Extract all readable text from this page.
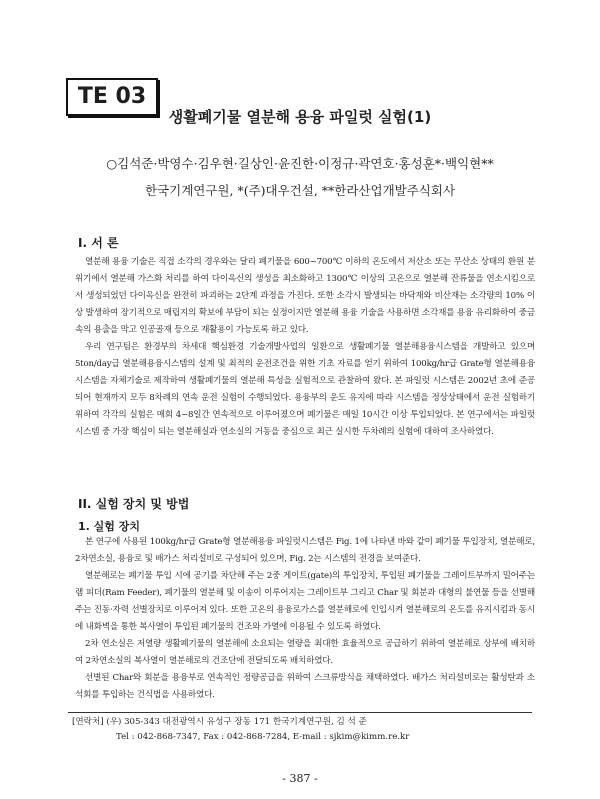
TE 03
생활폐기물 열분해 용융 파일럿 실험(1)
○김석준·박영수·김우현·길상인·윤진한·이정규·곽연호·홍성훈*·백익현**
한국기계연구원, *(주)대우건설, **한라산업개발주식회사
I. 서 론

열분해 용융 기술은 직접 소각의 경우와는 달리 폐기물을 600~700℃ 이하의 온도에서 저산소 또는 무산소 상태의 환원 분위기에서 열분해 가스화 처리를 하여 다이옥신의 생성을 최소화하고 1300℃ 이상의 고온으로 열분해 잔류물을 연소시킴으로서 생성되었던 다이옥신을 완전히 파괴하는 2단계 과정을 가진다. 또한 소각시 발생되는 바닥재와 비산재는 소각량의 10% 이상 발생하여 장기적으로 매립지의 확보에 부담이 되는 실정이지만 열분해 용융 기술을 사용하면 소각재를 용융 유리화하여 중금속의 용출을 막고 인공골재 등으로 재활용이 가능토록 하고 있다.

우리 연구팀은 환경부의 차세대 핵심환경 기술개발사업의 일환으로 생활폐기물 열분해용융시스템을 개발하고 있으며 5ton/day급 열분해용융시스템의 설계 및 최적의 운전조건을 위한 기초 자료를 얻기 위하여 100kg/hr급 Grate형 열분해용융시스템을 자체기술로 제작하여 생활폐기물의 열분해 특성을 실험적으로 관찰하여 왔다. 본 파일럿 시스템은 2002년 초에 준공되어 현재까지 모두 8차례의 연속 운전 실험이 수행되었다. 용융부의 운도 유지에 따라 시스템을 정상상태에서 운전 실험하기 위하여 각각의 실험은 매회 4~8일간 연속적으로 이루어졌으며 폐기물은 매일 10시간 이상 투입되었다. 본 연구에서는 파일럿 시스템 중 가장 핵심이 되는 열분해실과 연소실의 거동을 중심으로 최근 실시한 두차례의 실험에 대하여 조사하였다.

II. 실험 장치 및 방법
1. 실험 장치

본 연구에 사용된 100kg/hr급 Grate형 열분해용융 파일럿시스템은 Fig. 1에 나타낸 바와 같이 폐기물 투입장치, 열분해로, 2차연소실, 용융로 및 배가스 처리설비로 구성되어 있으며, Fig. 2는 시스템의 전경을 보여준다.

열분해로는 폐기물 투입 시에 공기를 차단해 주는 2중 게이트(gate)의 투입장치, 투입된 폐기물을 그레이트부까지 밀어주는 램 피더(Ram Feeder), 폐기물의 열분해 및 이송이 이루어지는 그레이트부 그리고 Char 및 회분과 대형의 불연물 등을 선별해 주는 진동·자력 선별장치로 이루어져 있다. 또한 고온의 용융로가스를 열분해로에 인입시켜 열분해로의 온도를 유지시킴과 동시에 내화벽을 통한 복사열이 투입된 폐기물의 건조와 가열에 이용될 수 있도록 하였다.

2차 연소실은 저열량 생활폐기물의 열분해에 소요되는 열량을 최대한 효율적으로 공급하기 위하여 열분해로 상부에 배치하여 2차연소실의 복사열이 열분해로의 건조단에 전달되도록 배치하였다.

선별된 Char와 회분을 용융부로 연속적인 정량공급을 위하여 스크류방식을 채택하였다. 배가스 처리설비로는 활성탄과 소석회를 투입하는 건식법을 사용하였다.

[연락처] (우) 305-343 대전광역시 유성구 장동 171 한국기계연구원, 김 석 준
Tel : 042-868-7347, Fax : 042-868-7284, E-mail : sjkim@kimm.re.kr
- 387 -
